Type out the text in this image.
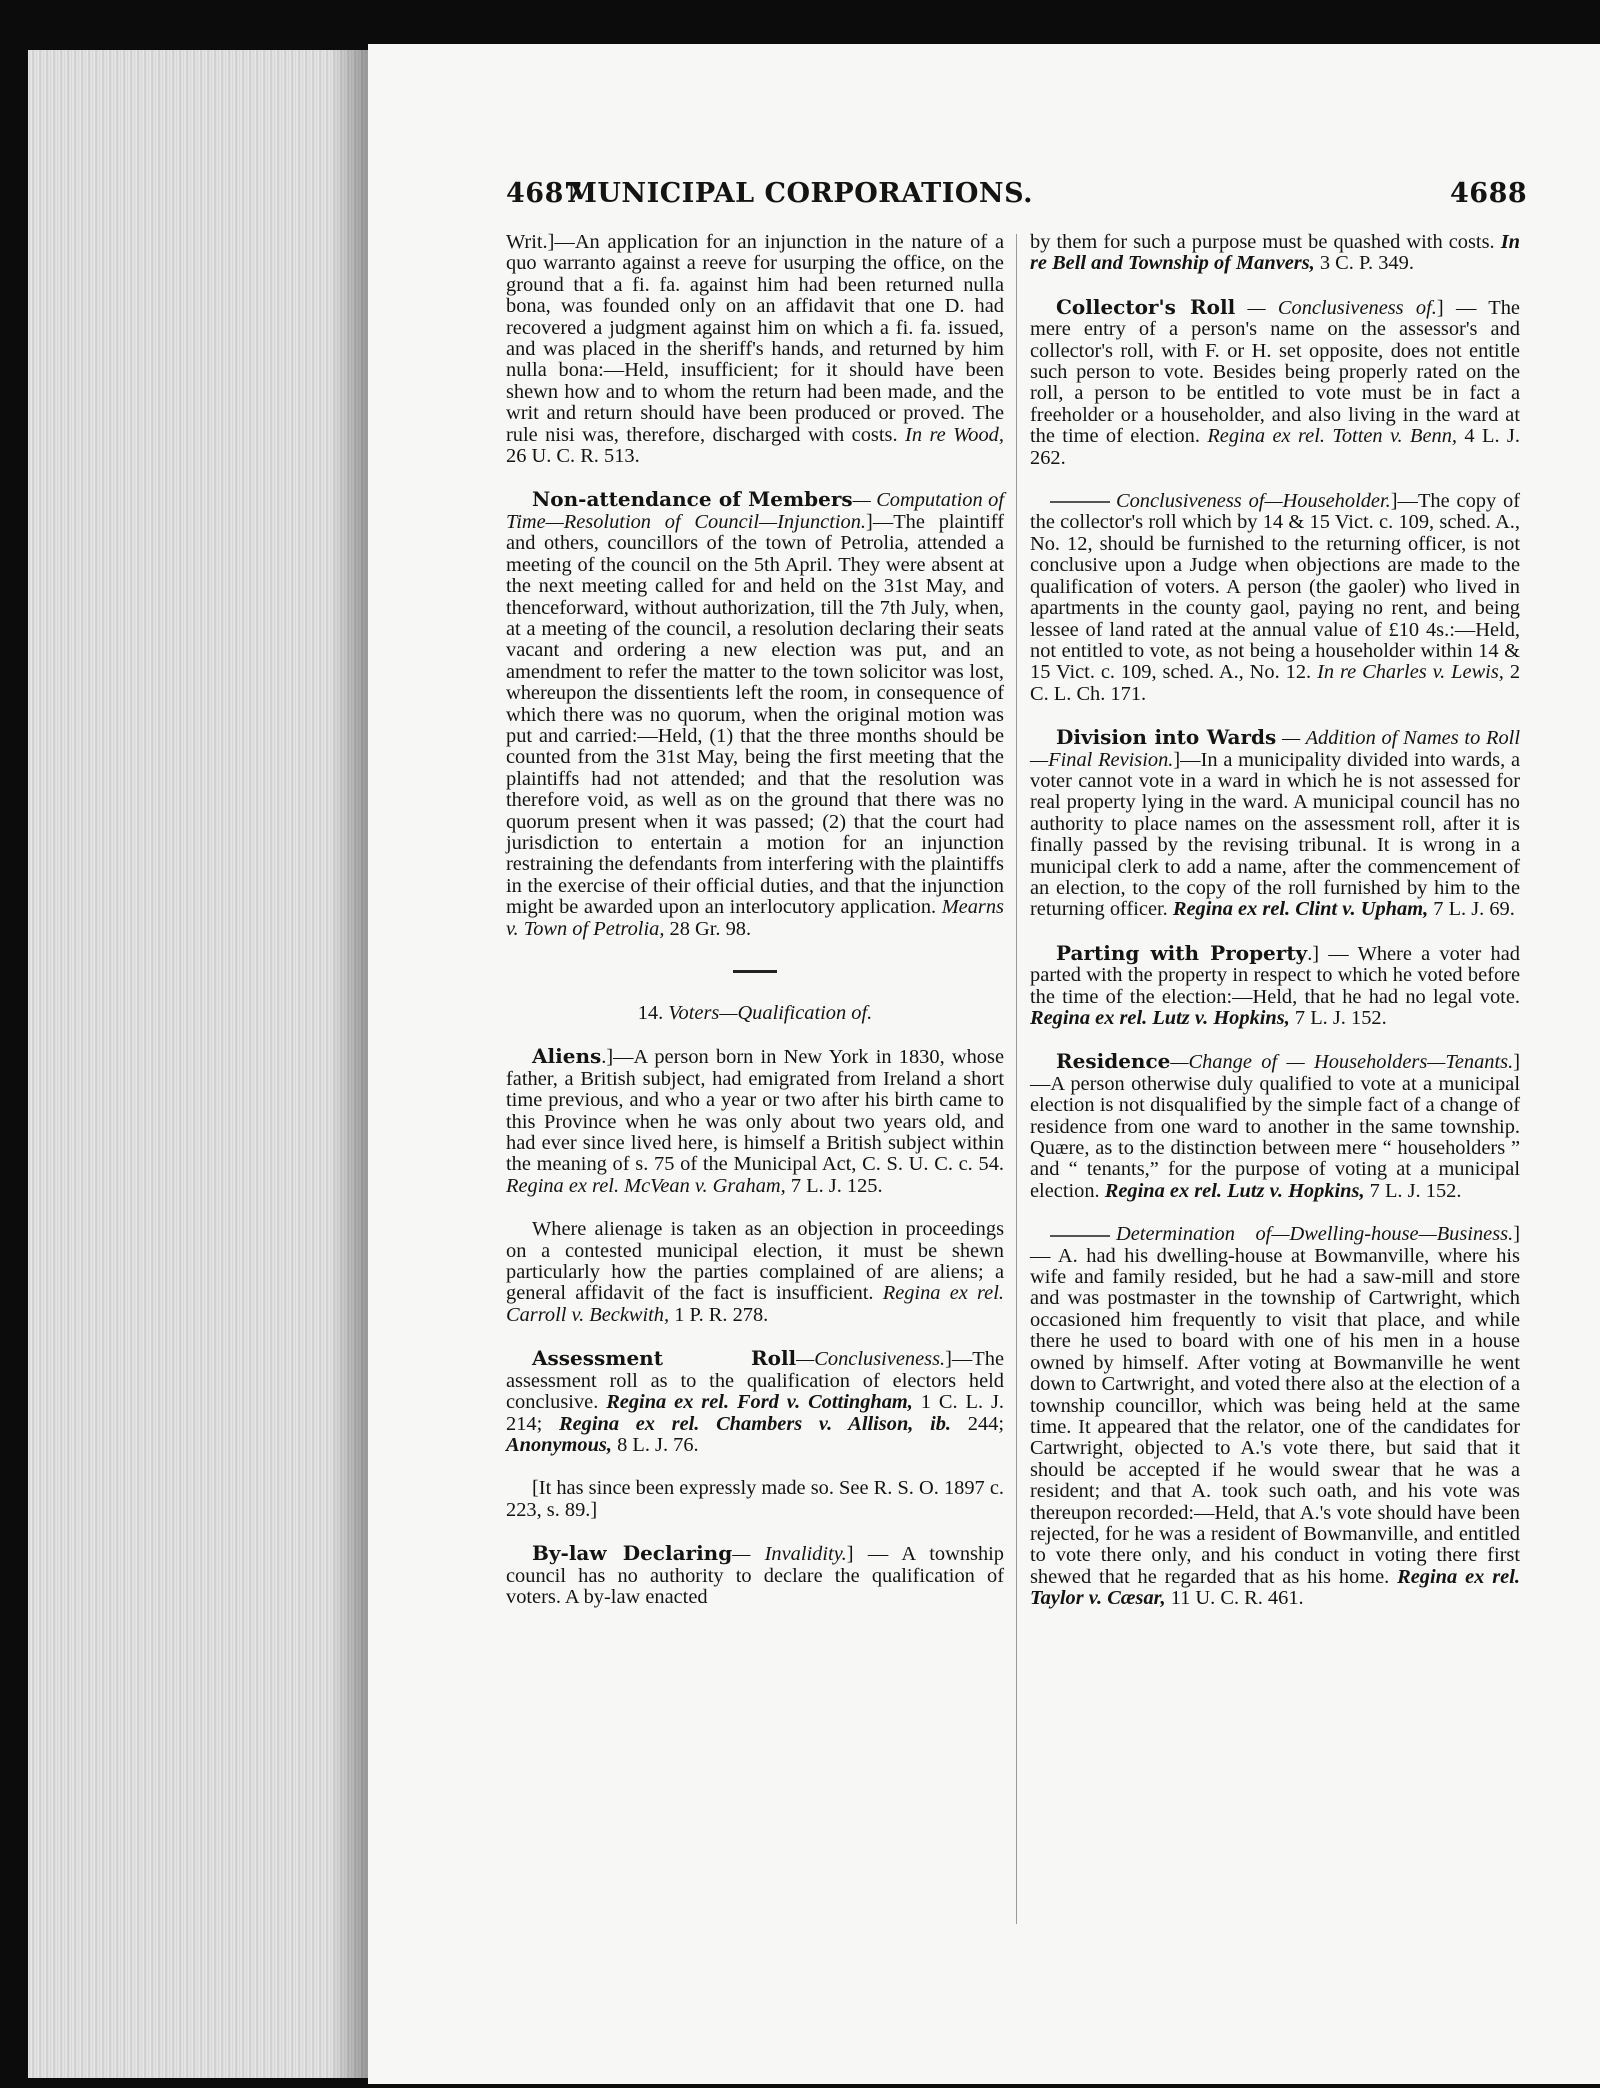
4687
MUNICIPAL CORPORATIONS.	4688

Writ.]—An application for an injunction in the nature of a quo warranto against a reeve for usurping the office, on the ground that a fi. fa. against him had been returned nulla bona, was founded only on an affidavit that one D. had recovered a judgment against him on which a fi. fa. issued, and was placed in the sheriff's hands, and returned by him nulla bona:—Held, insufficient; for it should have been shewn how and to whom the return had been made, and the writ and return should have been produced or proved. The rule nisi was, therefore, discharged with costs. In re Wood, 26 U. C. R. 513.

Non-attendance of Members— Computation of Time—Resolution of Council—Injunction.]—The plaintiff and others, councillors of the town of Petrolia, attended a meeting of the council on the 5th April. They were absent at the next meeting called for and held on the 31st May, and thenceforward, without authorization, till the 7th July, when, at a meeting of the council, a resolution declaring their seats vacant and ordering a new election was put, and an amendment to refer the matter to the town solicitor was lost, whereupon the dissentients left the room, in consequence of which there was no quorum, when the original motion was put and carried:—Held, (1) that the three months should be counted from the 31st May, being the first meeting that the plaintiffs had not attended; and that the resolution was therefore void, as well as on the ground that there was no quorum present when it was passed; (2) that the court had jurisdiction to entertain a motion for an injunction restraining the defendants from interfering with the plaintiffs in the exercise of their official duties, and that the injunction might be awarded upon an interlocutory application. Mearns v. Town of Petrolia, 28 Gr. 98.

14. Voters—Qualification of.

Aliens.]—A person born in New York in 1830, whose father, a British subject, had emigrated from Ireland a short time previous, and who a year or two after his birth came to this Province when he was only about two years old, and had ever since lived here, is himself a British subject within the meaning of s. 75 of the Municipal Act, C. S. U. C. c. 54. Regina ex rel. McVean v. Graham, 7 L. J. 125.

Where alienage is taken as an objection in proceedings on a contested municipal election, it must be shewn particularly how the parties complained of are aliens; a general affidavit of the fact is insufficient. Regina ex rel. Carroll v. Beckwith, 1 P. R. 278.

Assessment Roll—Conclusiveness.]—The assessment roll as to the qualification of electors held conclusive. Regina ex rel. Ford v. Cottingham, 1 C. L. J. 214; Regina ex rel. Chambers v. Allison, ib. 244; Anonymous, 8 L. J. 76.

[It has since been expressly made so. See R. S. O. 1897 c. 223, s. 89.]

By-law Declaring— Invalidity.] — A township council has no authority to declare the qualification of voters. A by-law enacted

by them for such a purpose must be quashed with costs. In re Bell and Township of Manvers, 3 C. P. 349.

Collector's Roll — Conclusiveness of.] — The mere entry of a person's name on the assessor's and collector's roll, with F. or H. set opposite, does not entitle such person to vote. Besides being properly rated on the roll, a person to be entitled to vote must be in fact a freeholder or a householder, and also living in the ward at the time of election. Regina ex rel. Totten v. Benn, 4 L. J. 262.

Conclusiveness of—Householder.]—The copy of the collector's roll which by 14 & 15 Vict. c. 109, sched. A., No. 12, should be furnished to the returning officer, is not conclusive upon a Judge when objections are made to the qualification of voters. A person (the gaoler) who lived in apartments in the county gaol, paying no rent, and being lessee of land rated at the annual value of £10 4s.:—Held, not entitled to vote, as not being a householder within 14 & 15 Vict. c. 109, sched. A., No. 12. In re Charles v. Lewis, 2 C. L. Ch. 171.

Division into Wards — Addition of Names to Roll—Final Revision.]—In a municipality divided into wards, a voter cannot vote in a ward in which he is not assessed for real property lying in the ward. A municipal council has no authority to place names on the assessment roll, after it is finally passed by the revising tribunal. It is wrong in a municipal clerk to add a name, after the commencement of an election, to the copy of the roll furnished by him to the returning officer. Regina ex rel. Clint v. Upham, 7 L. J. 69.

Parting with Property.] — Where a voter had parted with the property in respect to which he voted before the time of the election:—Held, that he had no legal vote. Regina ex rel. Lutz v. Hopkins, 7 L. J. 152.

Residence—Change of — Householders—Tenants.]—A person otherwise duly qualified to vote at a municipal election is not disqualified by the simple fact of a change of residence from one ward to another in the same township. Quære, as to the distinction between mere “ householders ” and “ tenants,” for the purpose of voting at a municipal election. Regina ex rel. Lutz v. Hopkins, 7 L. J. 152.

Determination of—Dwelling-house—Business.] — A. had his dwelling-house at Bowmanville, where his wife and family resided, but he had a saw-mill and store and was postmaster in the township of Cartwright, which occasioned him frequently to visit that place, and while there he used to board with one of his men in a house owned by himself. After voting at Bowmanville he went down to Cartwright, and voted there also at the election of a township councillor, which was being held at the same time. It appeared that the relator, one of the candidates for Cartwright, objected to A.'s vote there, but said that it should be accepted if he would swear that he was a resident; and that A. took such oath, and his vote was thereupon recorded:—Held, that A.'s vote should have been rejected, for he was a resident of Bowmanville, and entitled to vote there only, and his conduct in voting there first shewed that he regarded that as his home. Regina ex rel. Taylor v. Cæsar, 11 U. C. R. 461.
